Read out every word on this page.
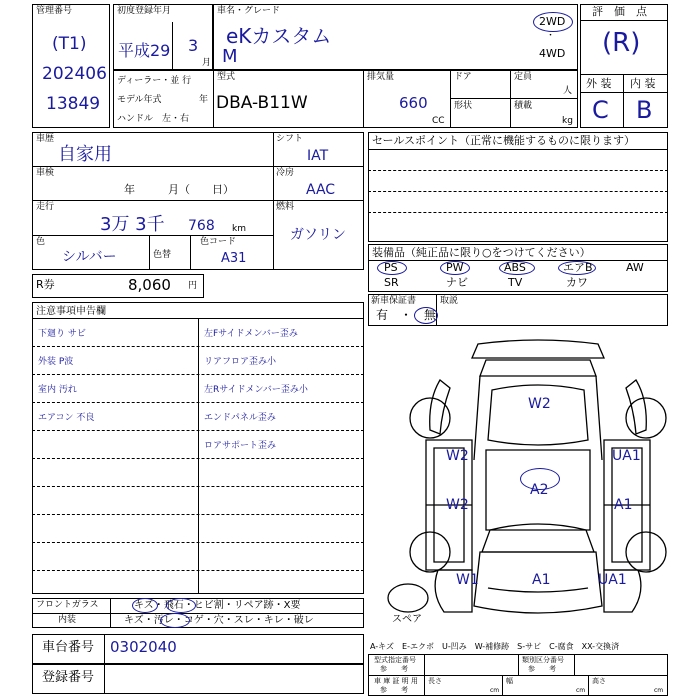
管理番号
(T1)
202406
13849
初度登録年月
平成29 3
月
車名・グレード
eKカスタム
M
2WD
・
4WD
ディーラー・並 行
モデル年式	年
ハンドル　左・右
型式
DBA-B11W
排気量
660
CC
ドア
形状
定員
人
積載
kg
評　価　点
(R)
外 装 内 装
C B
車歴
自家用
車検
年　　　月（　　日）
走行
3万 3千 768 km
色
シルバー	色替
色コード
A31
シフト
IAT
冷房
AAC
燃料
ガソリン
R券	8,060 円
セールスポイント（正常に機能するものに限ります）
装備品（純正品に限り○をつけてください）
PS	PW	ABS	エアB	AW
SR	ナビ	TV	カワ
新車保証書
有　・　無
取説
注意事項申告欄
下廻り サビ
外装 P波
室内 汚れ
エアコン 不良
左Fサイドメンバー歪み
リアフロア歪み小
左Rサイドメンバー歪み小
エンドパネル歪み
ロアサポート歪み
W2
W2	UA1
A2
W2	A1
W1	A1	UA1
スペア
フロントガラス	キズ・飛石・ヒビ割・リペア跡・X要
内装	キズ・汚レ・コゲ・穴・スレ・キレ・破レ
車台番号 0302040
登録番号
A-キズ　E-エクボ　U-凹み　W-補修跡　S-サビ　C-腐食　XX-交換済
型式指定番号
参　　考
類別区分番号
参　　考
車 庫 証 明 用
参　　考
長さ
cm
幅
cm
高さ
cm
